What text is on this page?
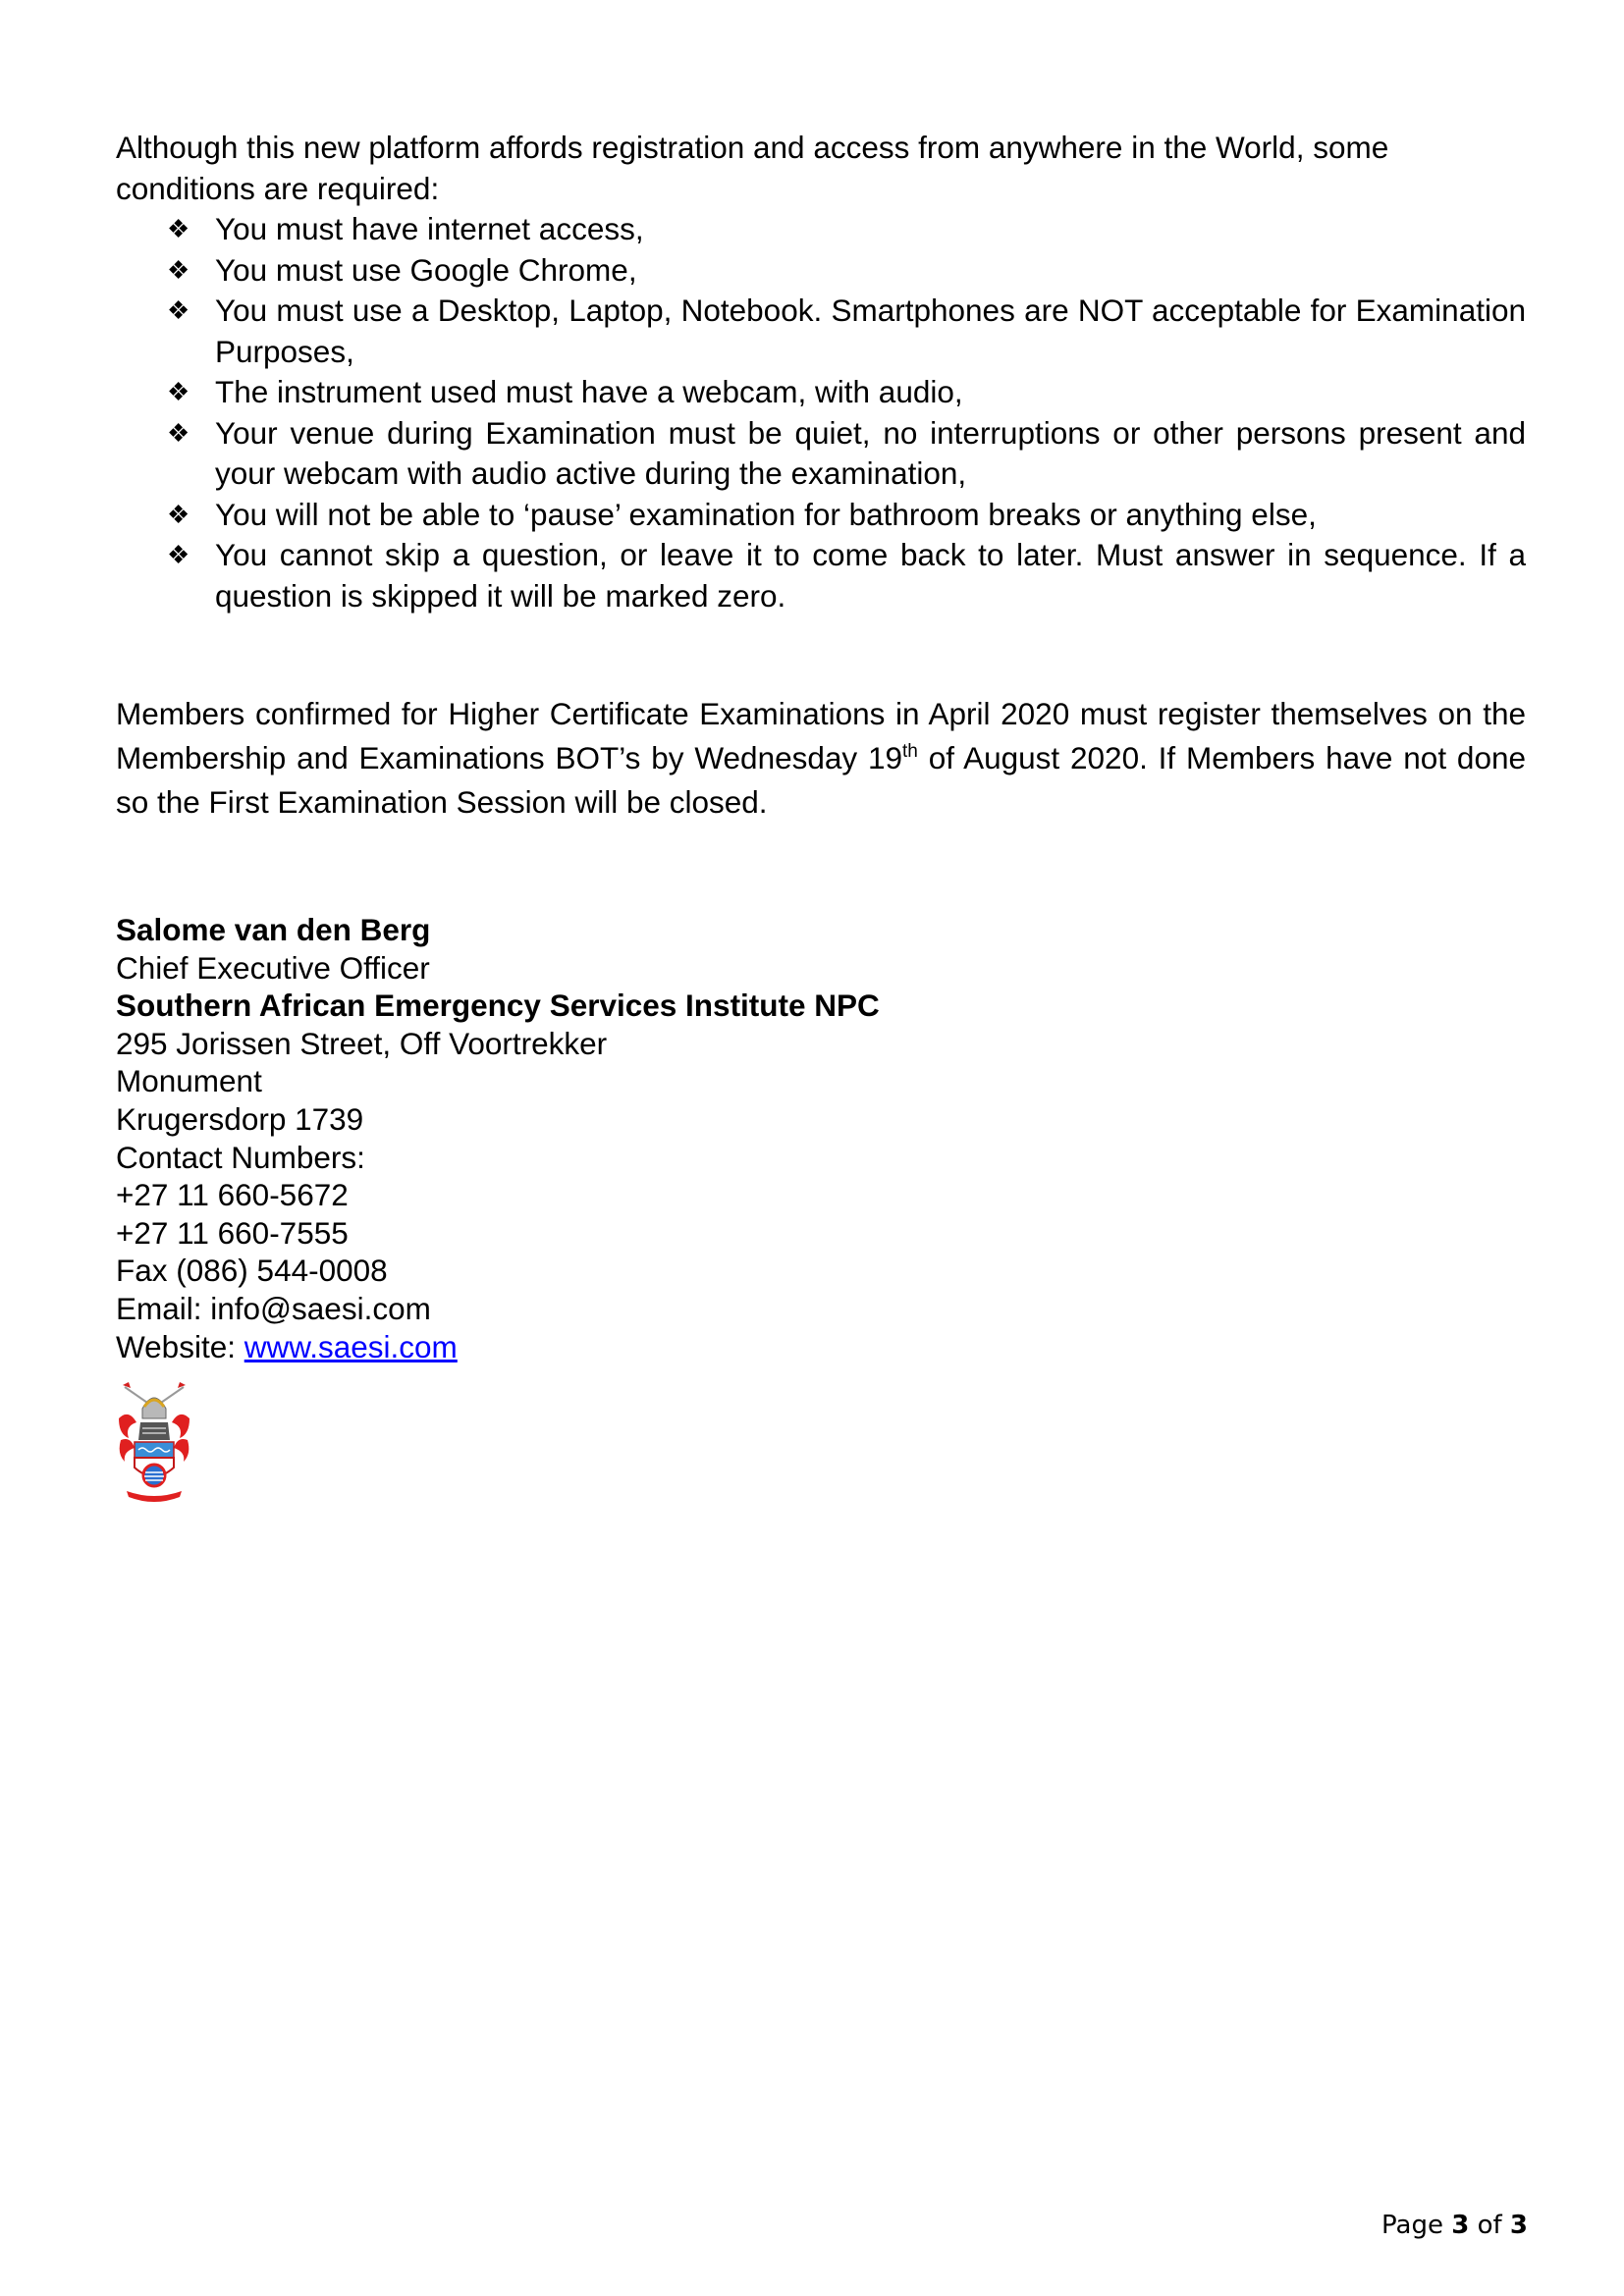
Although this new platform affords registration and access from anywhere in the World, some conditions are required:
❖ You must have internet access,
❖ You must use Google Chrome,
❖ You must use a Desktop, Laptop, Notebook. Smartphones are NOT acceptable for Examination Purposes,
❖ The instrument used must have a webcam, with audio,
❖ Your venue during Examination must be quiet, no interruptions or other persons present and your webcam with audio active during the examination,
❖ You will not be able to ‘pause’ examination for bathroom breaks or anything else,
❖ You cannot skip a question, or leave it to come back to later. Must answer in sequence. If a question is skipped it will be marked zero.
Members confirmed for Higher Certificate Examinations in April 2020 must register themselves on the Membership and Examinations BOT’s by Wednesday 19th of August 2020. If Members have not done so the First Examination Session will be closed.
Salome van den Berg
Chief Executive Officer
Southern African Emergency Services Institute NPC
295 Jorissen Street, Off Voortrekker
Monument
Krugersdorp 1739
Contact Numbers:
+27 11 660-5672
+27 11 660-7555
Fax (086) 544-0008
Email: info@saesi.com
Website: www.saesi.com
Page 3 of 3
